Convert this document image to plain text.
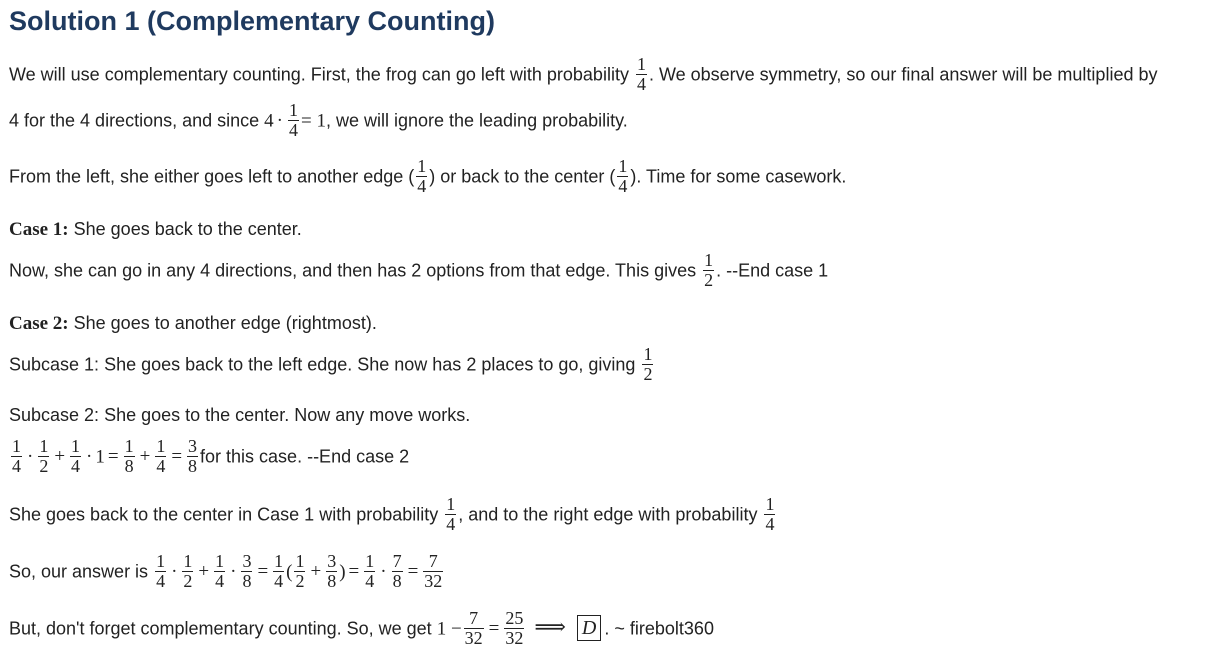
Solution 1 (Complementary Counting)
We will use complementary counting. First, the frog can go left with probability $\frac{1}{4}$ . We observe symmetry, so our final answer will be multiplied by
4 for the 4 directions, and since $4 \cdot \frac{1}{4} = 1$, we will ignore the leading probability.
From the left, she either goes left to another edge ( $\frac{1}{4}$ ) or back to the center ( $\frac{1}{4}$ ). Time for some casework.
Case 1: She goes back to the center.
Now, she can go in any 4 directions, and then has 2 options from that edge. This gives $\frac{1}{2}$ . --End case 1
Case 2: She goes to another edge (rightmost).
Subcase 1: She goes back to the left edge. She now has 2 places to go, giving $\frac{1}{2}$
Subcase 2: She goes to the center. Now any move works.
$\frac{1}{4} \cdot \frac{1}{2} + \frac{1}{4} \cdot 1 = \frac{1}{8} + \frac{1}{4} = \frac{3}{8}$ for this case. --End case 2
She goes back to the center in Case 1 with probability $\frac{1}{4}$ , and to the right edge with probability $\frac{1}{4}$
So, our answer is $\frac{1}{4} \cdot \frac{1}{2} + \frac{1}{4} \cdot \frac{3}{8} = \frac{1}{4}$ ( $\frac{1}{2} + \frac{3}{8}$ ) = $\frac{1}{4} \cdot \frac{7}{8} = \frac{7}{32}$
But, don't forget complementary counting. So, we get $1 - \frac{7}{32} = \frac{25}{32}$ ⟹ D . ~ firebolt360
